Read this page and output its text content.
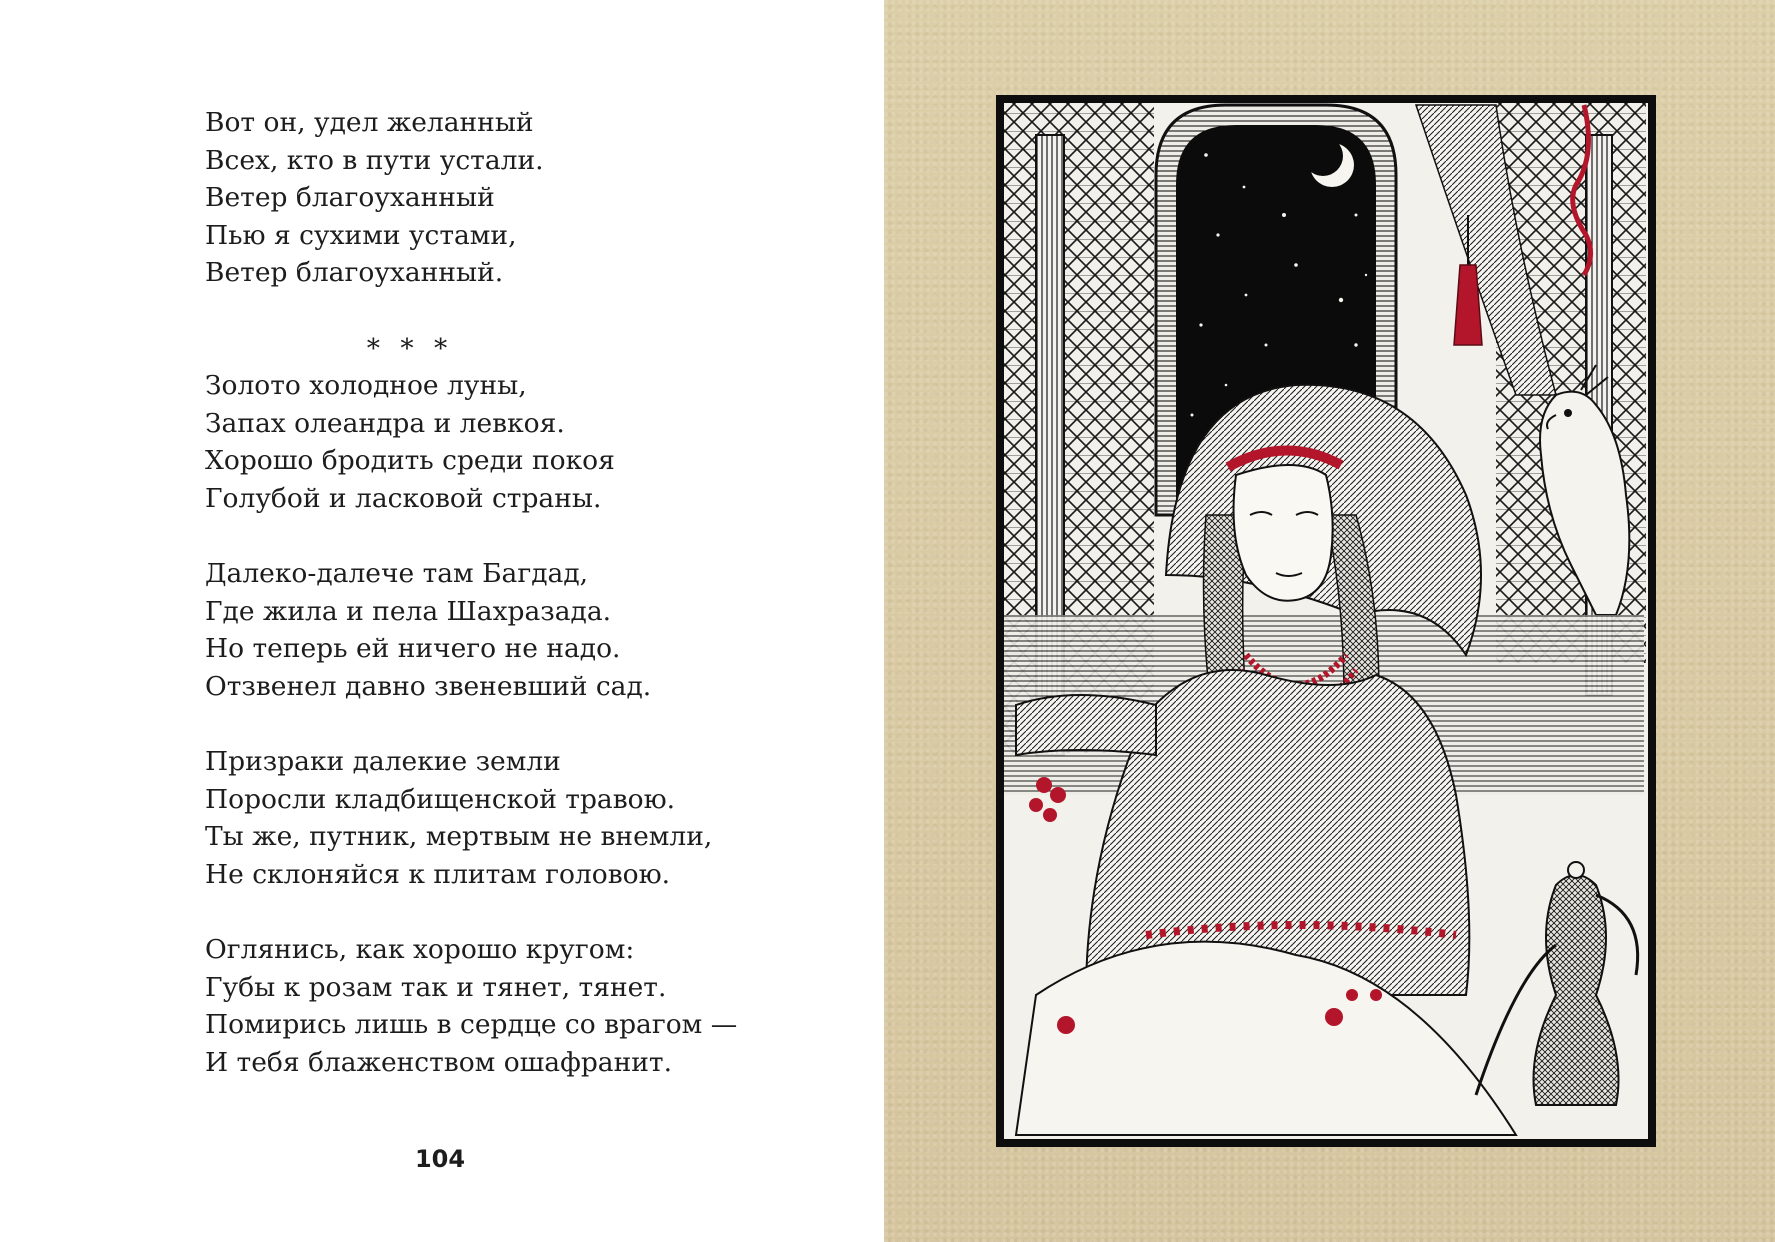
Вот он, удел желанный
Всех, кто в пути устали.
Ветер благоуханный
Пью я сухими устами,
Ветер благоуханный.
* * *
Золото холодное луны,
Запах олеандра и левкоя.
Хорошо бродить среди покоя
Голубой и ласковой страны.
Далеко-далече там Багдад,
Где жила и пела Шахразада.
Но теперь ей ничего не надо.
Отзвенел давно звеневший сад.
Призраки далекие земли
Поросли кладбищенской травою.
Ты же, путник, мертвым не внемли,
Не склоняйся к плитам головою.
Оглянись, как хорошо кругом:
Губы к розам так и тянет, тянет.
Помирись лишь в сердце со врагом —
И тебя блаженством ошафранит.
104
